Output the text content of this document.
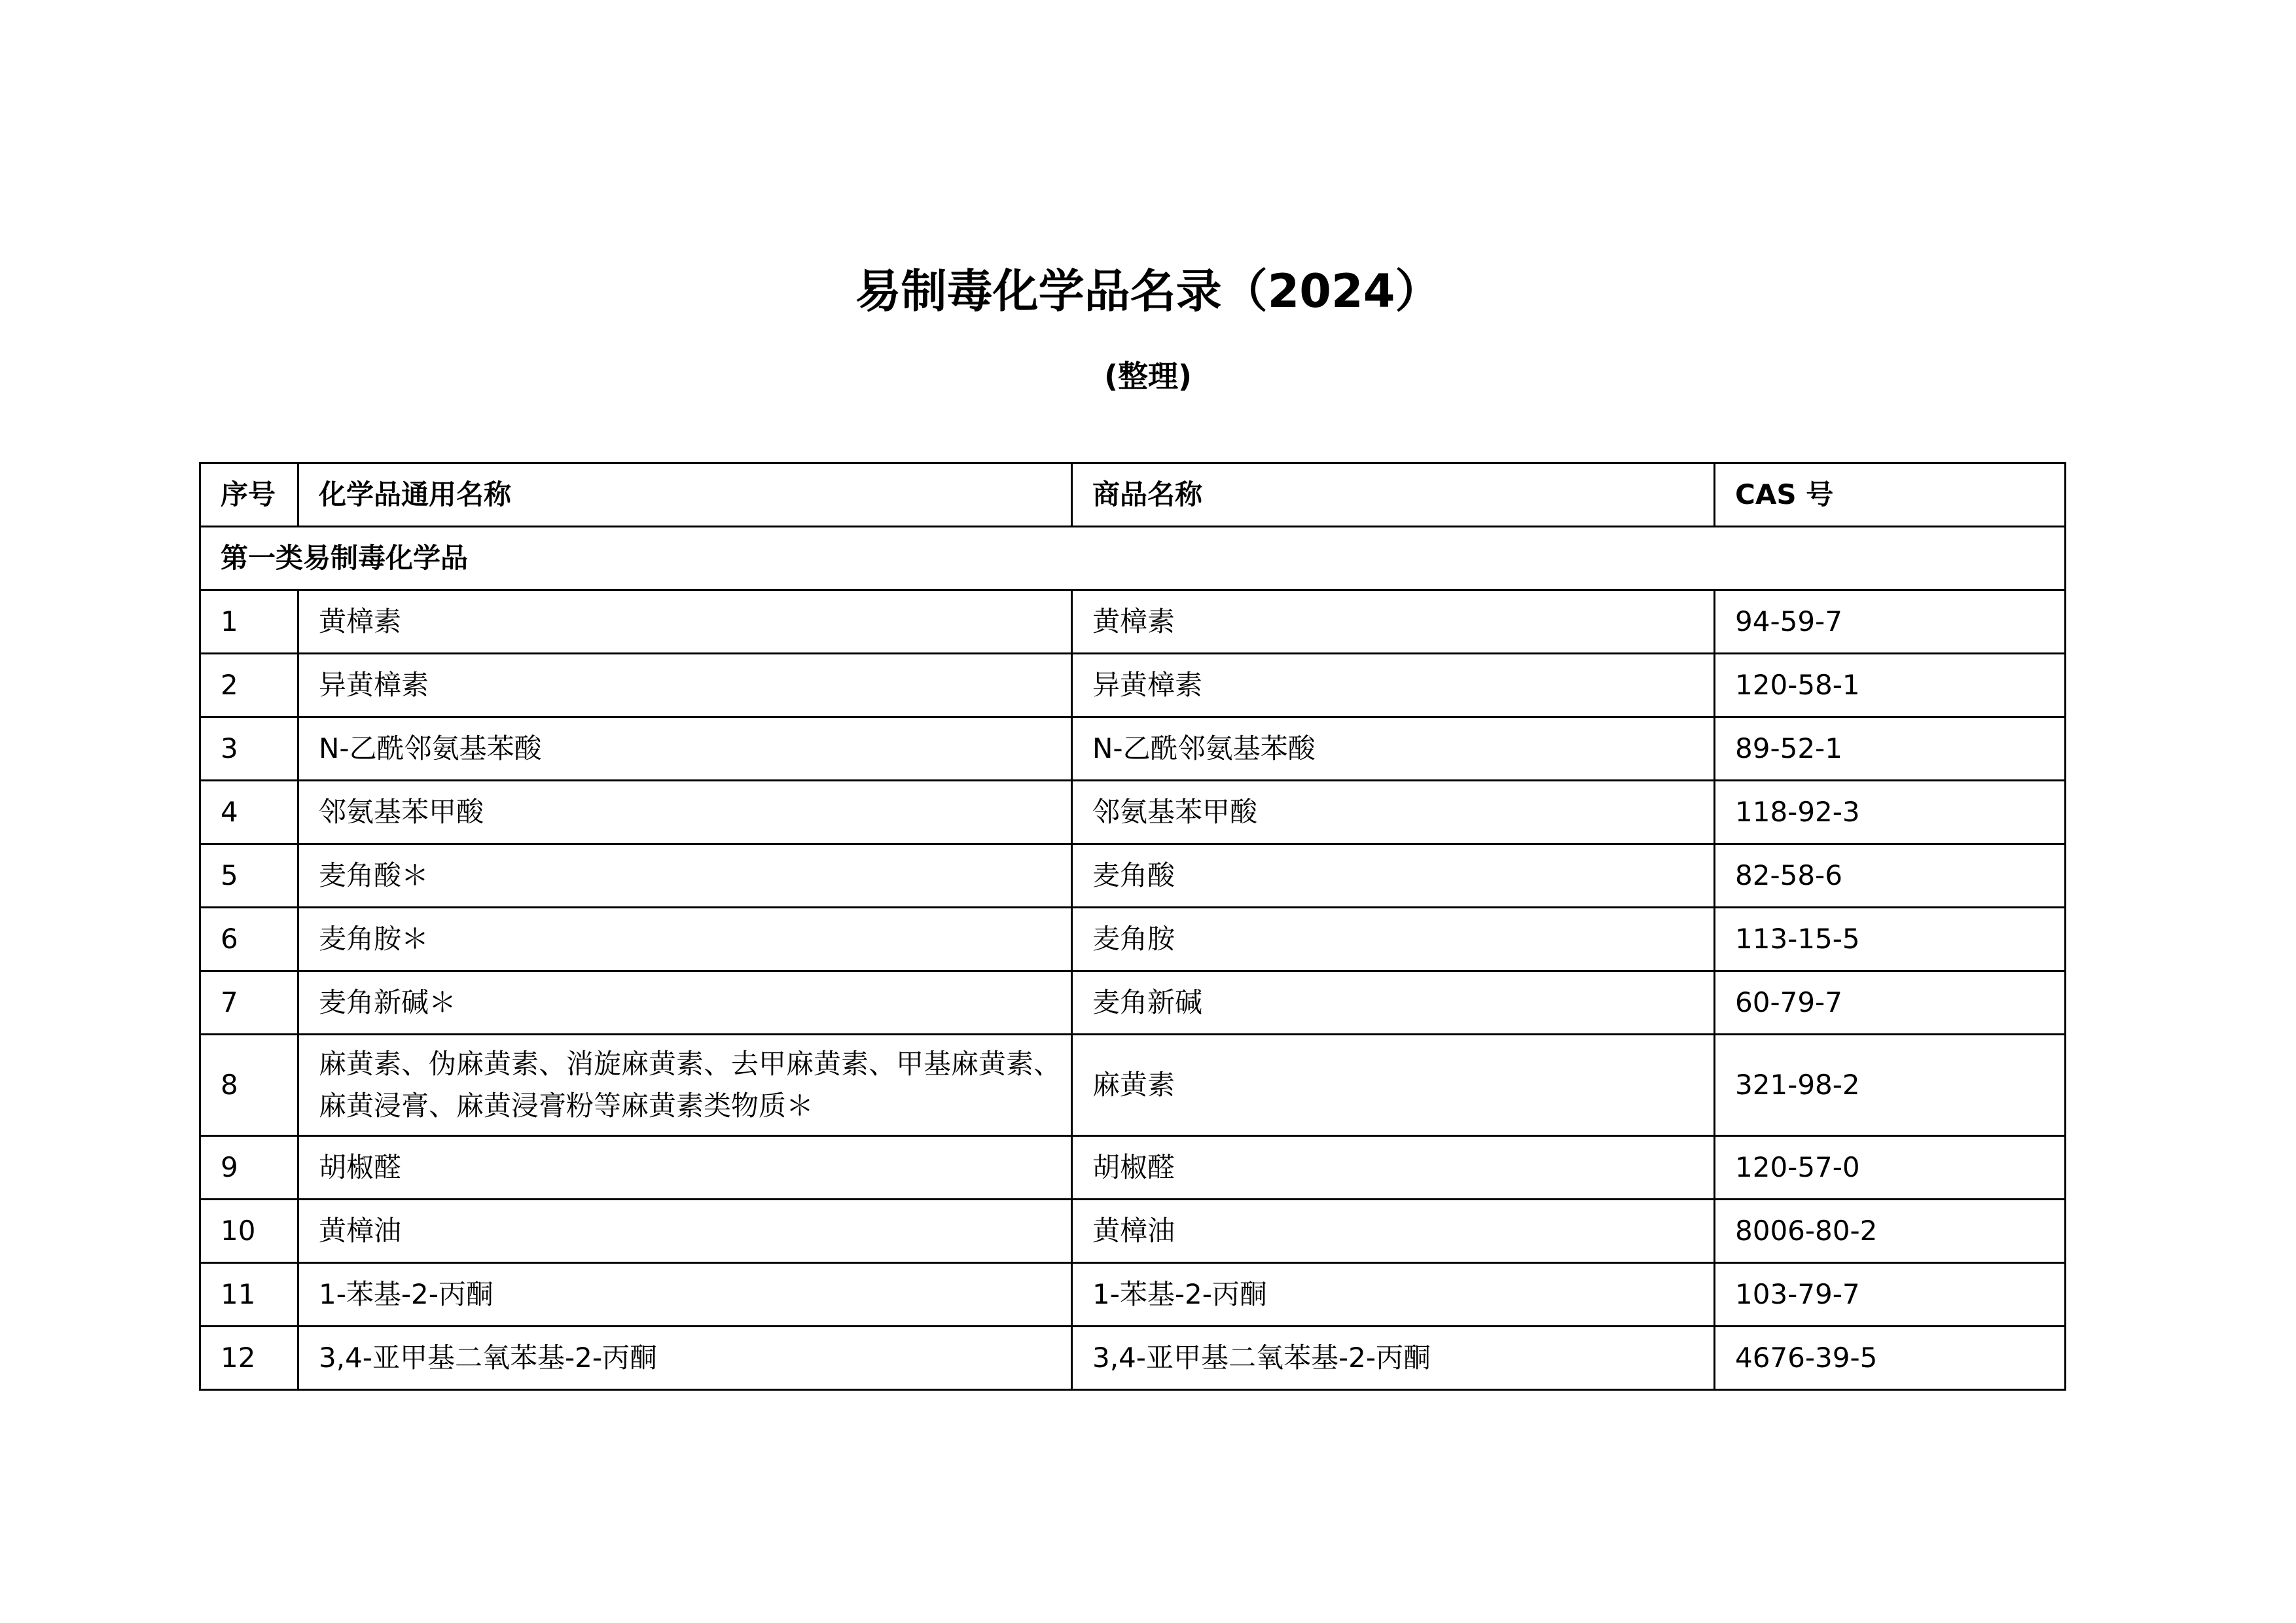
易制毒化学品名录（2024）
(整理)
序号	化学品通用名称	商品名称	CAS 号
第一类易制毒化学品			
1	黄樟素	黄樟素	94-59-7
2	异黄樟素	异黄樟素	120-58-1
3	N-乙酰邻氨基苯酸	N-乙酰邻氨基苯酸	89-52-1
4	邻氨基苯甲酸	邻氨基苯甲酸	118-92-3
5	麦角酸＊	麦角酸	82-58-6
6	麦角胺＊	麦角胺	113-15-5
7	麦角新碱＊	麦角新碱	60-79-7
8	麻黄素、伪麻黄素、消旋麻黄素、去甲麻黄素、甲基麻黄素、麻黄浸膏、麻黄浸膏粉等麻黄素类物质＊	麻黄素	321-98-2
9	胡椒醛	胡椒醛	120-57-0
10	黄樟油	黄樟油	8006-80-2
11	1-苯基-2-丙酮	1-苯基-2-丙酮	103-79-7
12	3,4-亚甲基二氧苯基-2-丙酮	3,4-亚甲基二氧苯基-2-丙酮	4676-39-5
